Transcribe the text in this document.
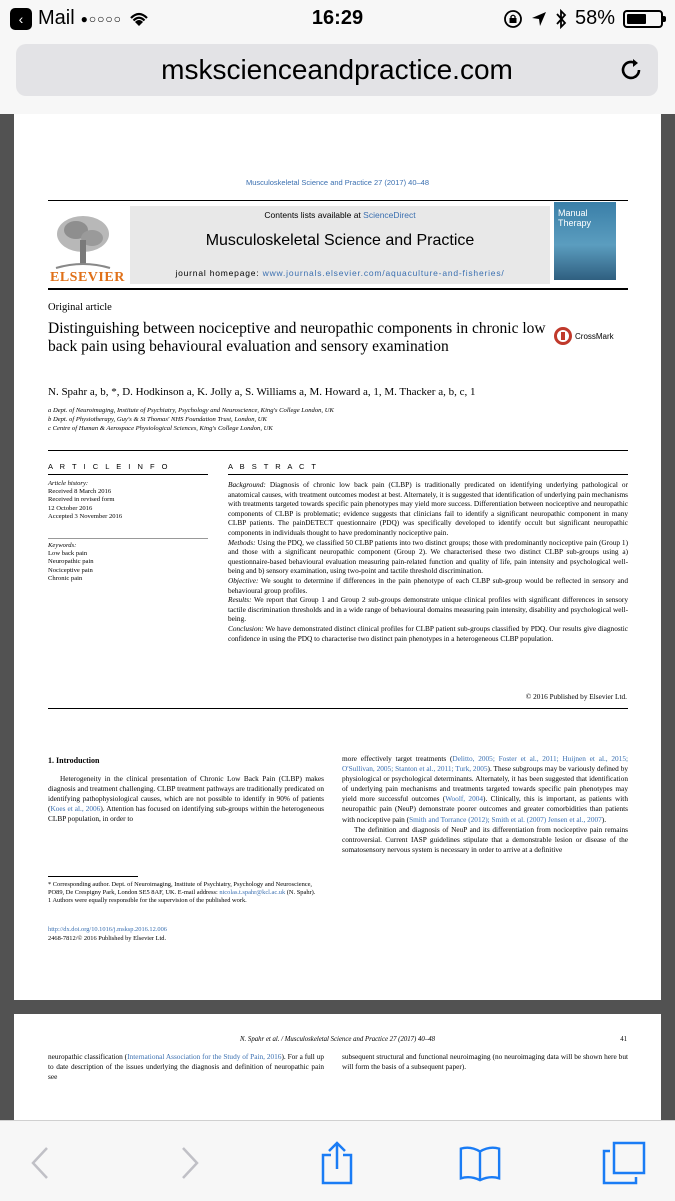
‹ Mail ●○○○○	16:29	58%
mskscienceandpractice.com
Musculoskeletal Science and Practice 27 (2017) 40–48
ELSEVIER
Contents lists available at ScienceDirect
Musculoskeletal Science and Practice
journal homepage: www.journals.elsevier.com/aquaculture-and-fisheries/
Manual Therapy
Original article
Distinguishing between nociceptive and neuropathic components in chronic low back pain using behavioural evaluation and sensory examination
CrossMark
N. Spahr a, b, *, D. Hodkinson a, K. Jolly a, S. Williams a, M. Howard a, 1, M. Thacker a, b, c, 1
a Dept. of Neuroimaging, Institute of Psychiatry, Psychology and Neuroscience, King's College London, UK
b Dept. of Physiotherapy, Guy's & St Thomas' NHS Foundation Trust, London, UK
c Centre of Human & Aerospace Physiological Sciences, King's College London, UK
A R T I C L E I N F O	A B S T R A C T
Article history:
Received 8 March 2016
Received in revised form
12 October 2016
Accepted 3 November 2016
Keywords:
Low back pain
Neuropathic pain
Nociceptive pain
Chronic pain

Background: Diagnosis of chronic low back pain (CLBP) is traditionally predicated on identifying underlying pathological or anatomical causes, with treatment outcomes modest at best. Alternately, it is suggested that identification of underlying pain mechanisms with treatments targeted towards specific pain phenotypes may yield more success. Differentiation between nociceptive and neuropathic components of CLBP is problematic; evidence suggests that clinicians fail to identify a significant neuropathic component in many CLBP patients. The painDETECT questionnaire (PDQ) was specifically developed to identify occult but significant neuropathic components in individuals thought to have predominantly nociceptive pain.

Methods: Using the PDQ, we classified 50 CLBP patients into two distinct groups; those with predominantly nociceptive pain (Group 1) and those with a significant neuropathic component (Group 2). We characterised these two distinct CLBP sub-groups using a) questionnaire-based behavioural evaluation measuring pain-related function and quality of life, pain intensity and psychological well-being and b) sensory examination, using two-point and tactile threshold discrimination.

Objective: We sought to determine if differences in the pain phenotype of each CLBP sub-group would be reflected in sensory and behavioural group profiles.

Results: We report that Group 1 and Group 2 sub-groups demonstrate unique clinical profiles with significant differences in sensory tactile discrimination thresholds and in a wide range of behavioural domains measuring pain intensity, disability and psychological well-being.

Conclusion: We have demonstrated distinct clinical profiles for CLBP patient sub-groups classified by PDQ. Our results give diagnostic confidence in using the PDQ to characterise two distinct pain phenotypes in a heterogeneous CLBP population.

© 2016 Published by Elsevier Ltd.
1. Introduction

Heterogeneity in the clinical presentation of Chronic Low Back Pain (CLBP) makes diagnosis and treatment challenging. CLBP treatment pathways are traditionally predicated on identifying pathophysiological causes, which are not possible to identify in 90% of patients (Koes et al., 2006). Attention has focused on identifying sub-groups within the heterogeneous CLBP population, in order to

more effectively target treatments (Delitto, 2005; Foster et al., 2011; Huijnen et al., 2015; O'Sullivan, 2005; Stanton et al., 2011; Turk, 2005). These subgroups may be variously defined by physiological or psychological determinants. Alternately, it has been suggested that identification of underlying pain mechanisms and treatments targeted towards specific pain phenotypes may yield more successful outcomes (Woolf, 2004). Clinically, this is important, as patients with neuropathic pain (NeuP) demonstrate poorer outcomes and greater comorbidities than patients with nociceptive pain (Smith and Torrance (2012); Smith et al. (2007) Jensen et al., 2007).

The definition and diagnosis of NeuP and its differentiation from nociceptive pain remains controversial. Current IASP guidelines stipulate that a demonstrable lesion or disease of the somatosensory nervous system is necessary in order to arrive at a definitive

* Corresponding author. Dept. of Neuroimaging, Institute of Psychiatry, Psychology and Neuroscience, PO89, De Crespigny Park, London SE5 8AF, UK. E-mail address: nicolas.t.spahr@kcl.ac.uk (N. Spahr).
1 Authors were equally responsible for the supervision of the published work.
http://dx.doi.org/10.1016/j.msksp.2016.12.006
2468-7812/© 2016 Published by Elsevier Ltd.
N. Spahr et al. / Musculoskeletal Science and Practice 27 (2017) 40–48	41
neuropathic classification (International Association for the Study of Pain, 2016). For a full up to date description of the issues underlying the diagnosis and definition of neuropathic pain see
subsequent structural and functional neuroimaging (no neuroimaging data will be shown here but will form the basis of a subsequent paper).
